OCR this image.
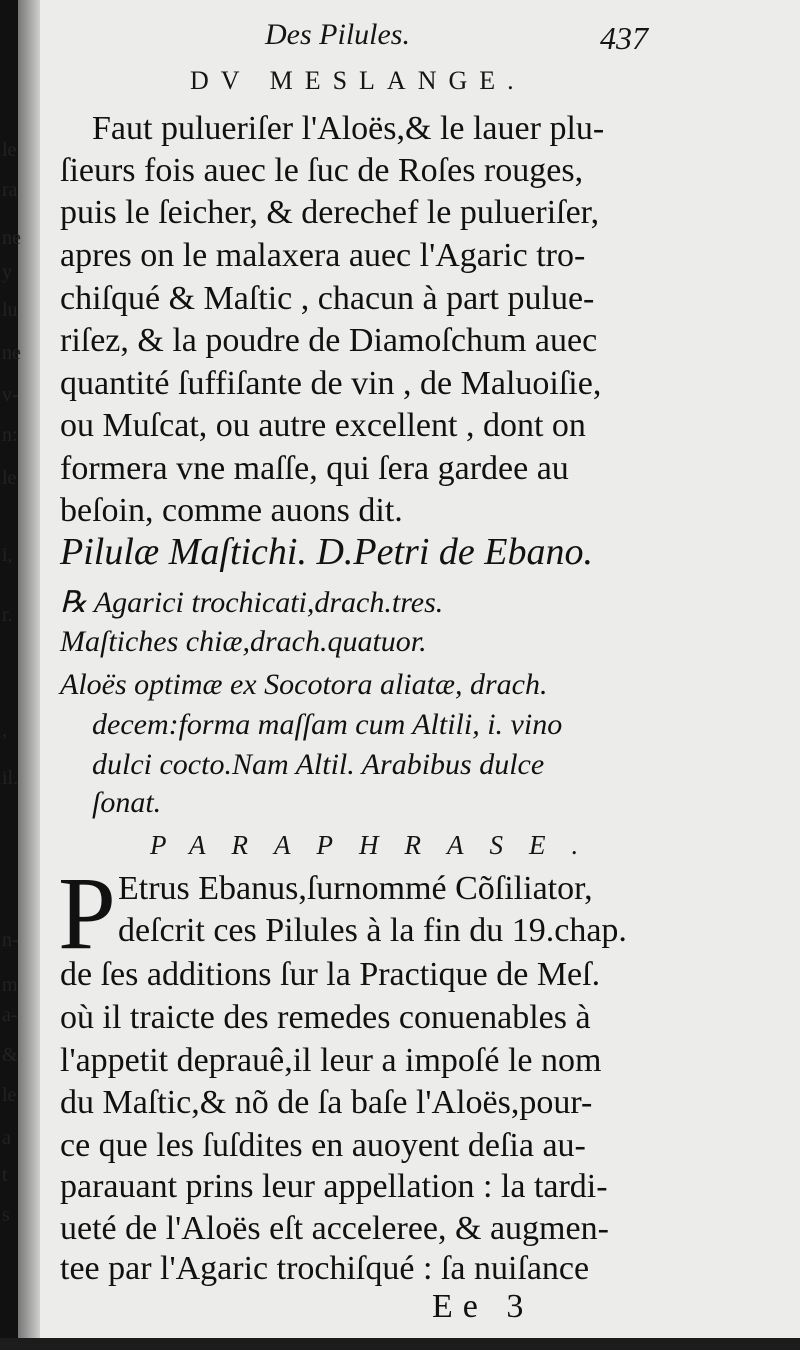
le
ra
ne
y
lu
ne
v-
n:
le
i,
r.
,
il.
n-
m
a-
&
le
a
t
s
Des Pilules.	437
DV MESLANGE.
Faut pulueriſer l'Aloës,& le lauer plu-
ſieurs fois auec le ſuc de Roſes rouges,
puis le ſeicher, & derechef le pulueriſer,
apres on le malaxera auec l'Agaric tro-
chiſqué & Maſtic , chacun à part pulue-
riſez, & la poudre de Diamoſchum auec
quantité ſuffiſante de vin , de Maluoiſie,
ou Muſcat, ou autre excellent , dont on
formera vne maſſe, qui ſera gardee au
beſoin, comme auons dit.
Pilulæ Maſtichi. D.Petri de Ebano.
℞ Agarici trochicati,drach.tres.
Maſtiches chiæ,drach.quatuor.
Aloës optimæ ex Socotora aliatæ, drach.
decem:forma maſſam cum Altili, i. vino
dulci cocto.Nam Altil. Arabibus dulce
ſonat.
PARAPHRASE.
P Etrus Ebanus,ſurnommé Cõſiliator,
deſcrit ces Pilules à la fin du 19.chap.
de ſes additions ſur la Practique de Meſ.
où il traicte des remedes conuenables à
l'appetit deprauê,il leur a impoſé le nom
du Maſtic,& nõ de ſa baſe l'Aloës,pour-
ce que les ſuſdites en auoyent deſia au-
parauant prins leur appellation : la tardi-
ueté de l'Aloës eſt acceleree, & augmen-
tee par l'Agaric trochiſqué : ſa nuiſance
Ee 3
